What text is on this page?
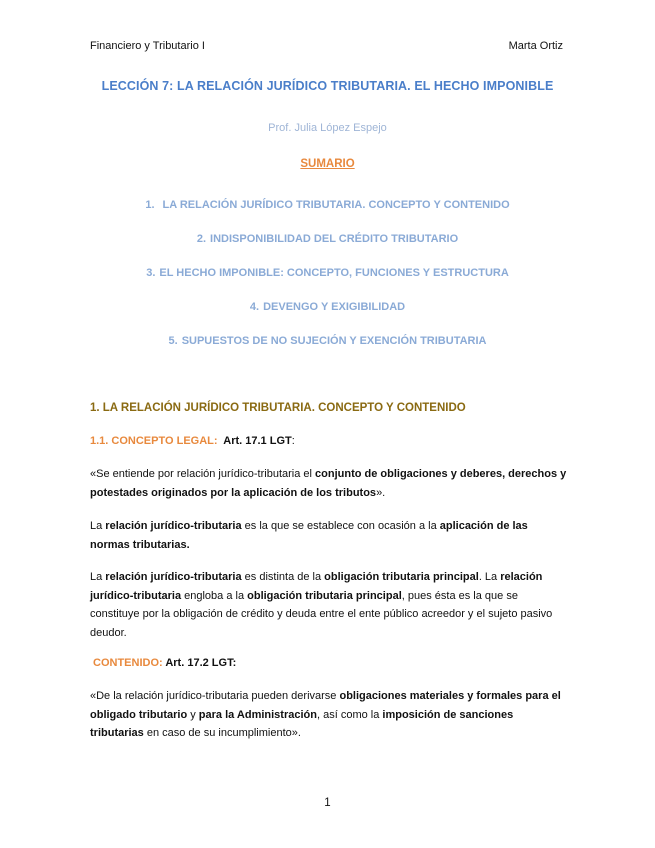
Financiero y Tributario I	Marta Ortiz
LECCIÓN 7: LA RELACIÓN JURÍDICO TRIBUTARIA. EL HECHO IMPONIBLE
Prof. Julia López Espejo
SUMARIO
1. LA RELACIÓN JURÍDICO TRIBUTARIA. CONCEPTO Y CONTENIDO
2. INDISPONIBILIDAD DEL CRÉDITO TRIBUTARIO
3. EL HECHO IMPONIBLE: CONCEPTO, FUNCIONES Y ESTRUCTURA
4. DEVENGO Y EXIGIBILIDAD
5. SUPUESTOS DE NO SUJECIÓN Y EXENCIÓN TRIBUTARIA
1. LA RELACIÓN JURÍDICO TRIBUTARIA. CONCEPTO Y CONTENIDO
1.1. CONCEPTO LEGAL: Art. 17.1 LGT:
«Se entiende por relación jurídico-tributaria el conjunto de obligaciones y deberes, derechos y potestades originados por la aplicación de los tributos».
La relación jurídico-tributaria es la que se establece con ocasión a la aplicación de las normas tributarias.
La relación jurídico-tributaria es distinta de la obligación tributaria principal. La relación jurídico-tributaria engloba a la obligación tributaria principal, pues ésta es la que se constituye por la obligación de crédito y deuda entre el ente público acreedor y el sujeto pasivo deudor.
CONTENIDO: Art. 17.2 LGT:
«De la relación jurídico-tributaria pueden derivarse obligaciones materiales y formales para el obligado tributario y para la Administración, así como la imposición de sanciones tributarias en caso de su incumplimiento».
1
